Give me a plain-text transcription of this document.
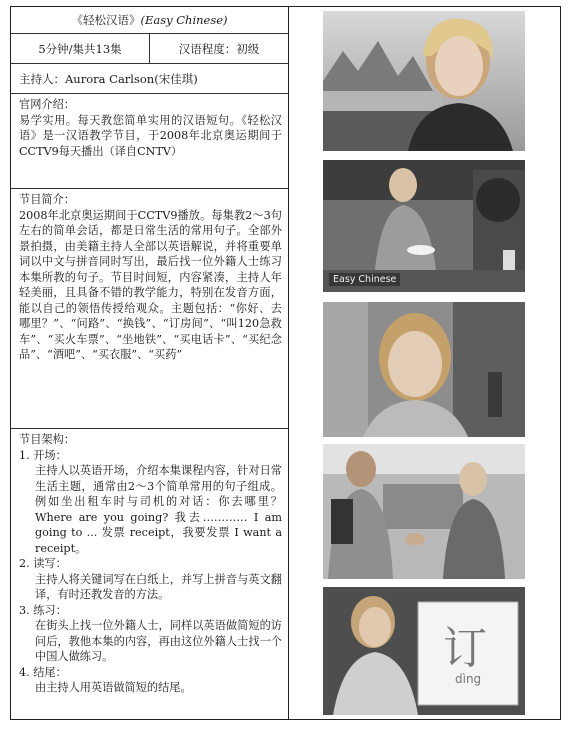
《轻松汉语》(Easy Chinese)
5分钟/集共13集	汉语程度：初级
主持人：Aurora Carlson(宋佳琪)
官网介绍：
易学实用。每天教您简单实用的汉语短句。《轻松汉语》是一汉语教学节目，于2008年北京奥运期间于CCTV9每天播出（译自CNTV）
节目简介：
2008年北京奥运期间于CCTV9播放。每集教2～3句左右的简单会话，都是日常生活的常用句子。全部外景拍摄，由美籍主持人全部以英语解说，并将重要单词以中文与拼音同时写出，最后找一位外籍人士练习本集所教的句子。节目时间短，内容紧凑，主持人年轻美丽，且具备不错的教学能力，特别在发音方面，能以自己的领悟传授给观众。主题包括：“你好、去哪里？”、“问路”、“换钱”、“订房间”、“叫120急救车”、“买火车票”、“坐地铁”、“买电话卡”、“买纪念品”、“酒吧”、“买衣服”、“买药”
节目架构：
1. 开场：
主持人以英语开场，介绍本集课程内容，针对日常生活主题，通常由2～3个简单常用的句子组成。例如坐出租车时与司机的对话：你去哪里？Where are you going? 我去………… I am going to ... 发票 receipt，我要发票 I want a receipt。
2. 读写：
主持人将关键词写在白纸上，并写上拼音与英文翻译，有时还教发音的方法。
3. 练习：
在街头上找一位外籍人士，同样以英语做简短的访问后，教他本集的内容，再由这位外籍人士找一个中国人做练习。
4. 结尾：
由主持人用英语做简短的结尾。
Easy Chinese
订
dìng
